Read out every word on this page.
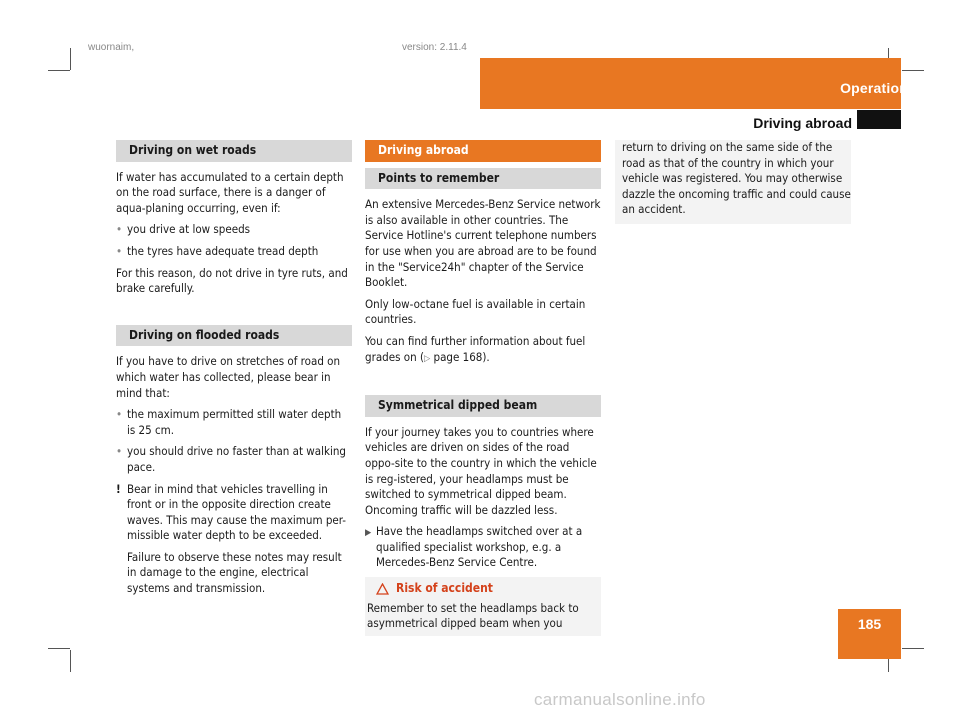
wuornaim,	version: 2.11.4
Operation
Driving abroad
Driving on wet roads

If water has accumulated to a certain depth on the road surface, there is a danger of aqua-planing occurring, even if:

• you drive at low speeds
• the tyres have adequate tread depth

For this reason, do not drive in tyre ruts, and brake carefully.

Driving on flooded roads

If you have to drive on stretches of road on which water has collected, please bear in mind that:

• the maximum permitted still water depth is 25 cm.
• you should drive no faster than at walking pace.
! Bear in mind that vehicles travelling in front or in the opposite direction create waves. This may cause the maximum per-missible water depth to be exceeded.
Failure to observe these notes may result in damage to the engine, electrical systems and transmission.
Driving abroad
Points to remember

An extensive Mercedes-Benz Service network is also available in other countries. The Service Hotline's current telephone numbers for use when you are abroad are to be found in the "Service24h" chapter of the Service Booklet.

Only low-octane fuel is available in certain countries.

You can find further information about fuel grades on (▷ page 168).

Symmetrical dipped beam

If your journey takes you to countries where vehicles are driven on sides of the road oppo-site to the country in which the vehicle is reg-istered, your headlamps must be switched to symmetrical dipped beam. Oncoming traffic will be dazzled less.

▶ Have the headlamps switched over at a qualified specialist workshop, e.g. a Mercedes-Benz Service Centre.
Risk of accident
Remember to set the headlamps back to asymmetrical dipped beam when you
return to driving on the same side of the road as that of the country in which your vehicle was registered. You may otherwise dazzle the oncoming traffic and could cause an accident.
185
carmanualsonline.info
